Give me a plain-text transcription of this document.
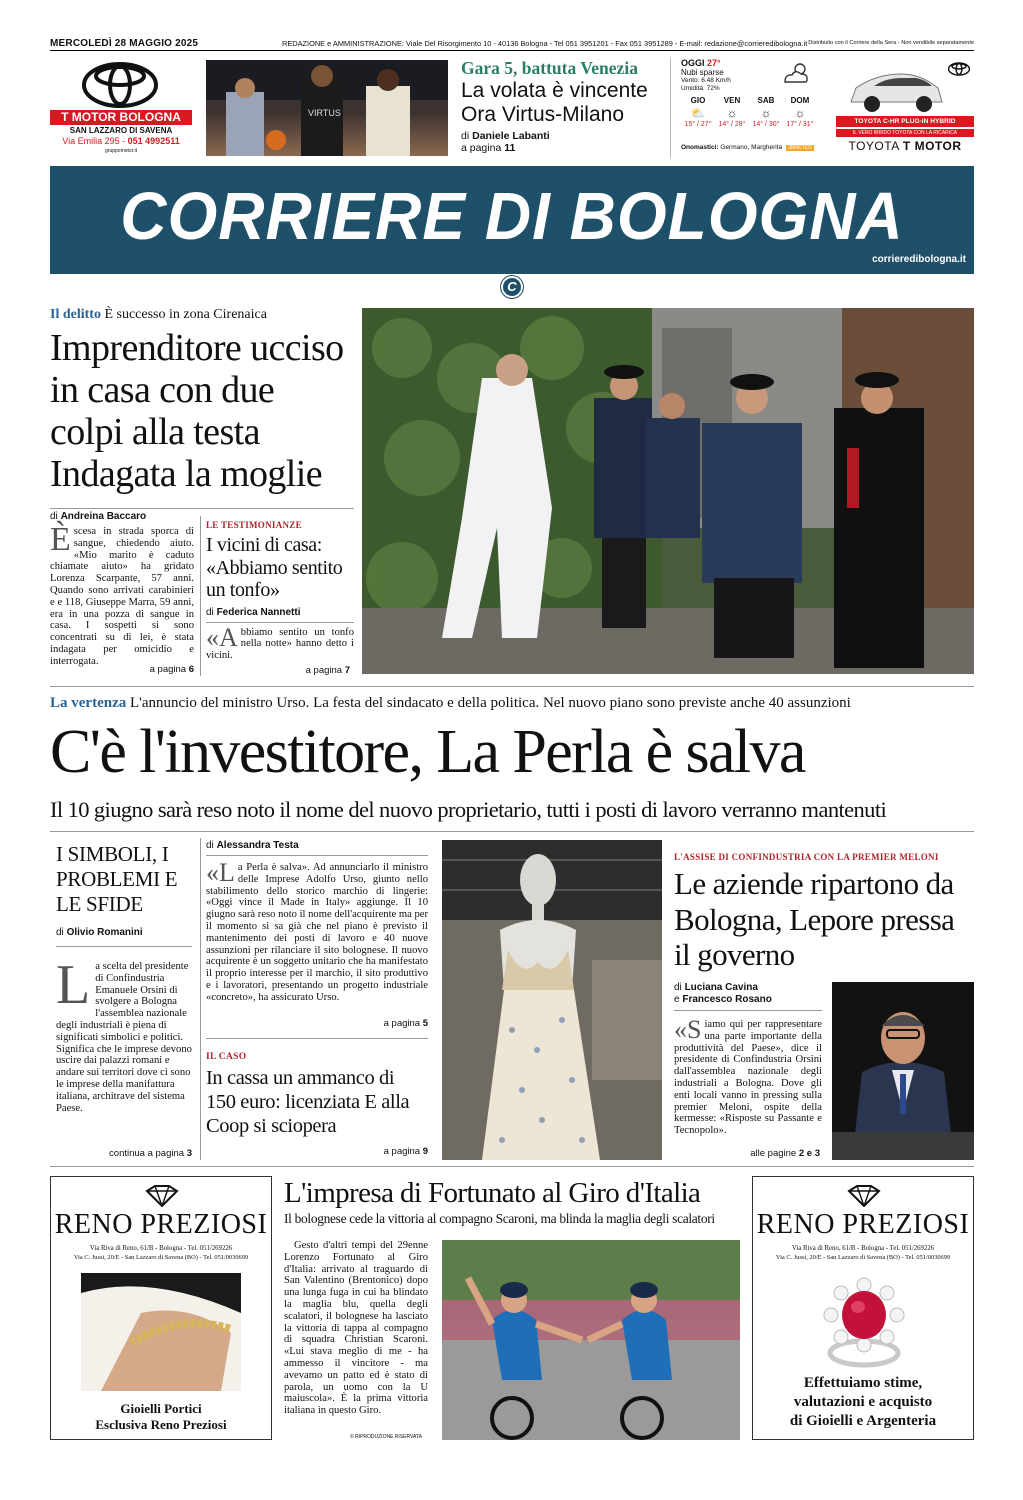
MERCOLEDÌ 28 MAGGIO 2025	REDAZIONE e AMMINISTRAZIONE: Viale Del Risorgimento 10 - 40136 Bologna - Tel 051 3951201 - Fax 051 3951289 - E-mail: redazione@corrieredibologna.it Distribuito con il Corriere della Sera - Non vendibile separatamente
T MOTOR BOLOGNA
SAN LAZZARO DI SAVENA
Via Emilia 295 - 051 4992511
gruppomotor.it
VIRTUS
Gara 5, battuta Venezia
La volata è vincente
Ora Virtus-Milano
di Daniele Labanti
a pagina 11
OGGI 27°
Nubi sparse
Vento: 6.48 Km/h
Umidità: 72%
GIO
⛅
15° / 27°
VEN
☼
14° / 28°
SAB
☼
14° / 30°
DOM
☼
17° / 31°
Onomastici: Germano, Margherita 3BMETEO
TOYOTA C-HR PLUG-IN HYBRID
IL VERO IBRIDO TOYOTA CON LA RICARICA
TOYOTA T MOTOR
CORRIERE DI BOLOGNA
corrieredibologna.it
C
Il delitto È successo in zona Cirenaica
Imprenditore ucciso in casa con due colpi alla testa Indagata la moglie
di Andreina Baccaro
Èscesa in strada sporca di sangue, chiedendo aiuto. «Mio marito è caduto chiamate aiuto» ha gridato Lorenza Scarpante, 57 anni. Quando sono arrivati carabinieri e e 118, Giuseppe Marra, 59 anni, era in una pozza di sangue in casa. I sospetti si sono concentrati su di lei, è stata indagata per omicidio e interrogata.
a pagina 6
LE TESTIMONIANZE
I vicini di casa: «Abbiamo sentito un tonfo»
di Federica Nannetti
«Abbiamo sentito un tonfo nella notte» hanno detto i vicini.
a pagina 7
La vertenza L'annuncio del ministro Urso. La festa del sindacato e della politica. Nel nuovo piano sono previste anche 40 assunzioni
C'è l'investitore, La Perla è salva
Il 10 giugno sarà reso noto il nome del nuovo proprietario, tutti i posti di lavoro verranno mantenuti
I SIMBOLI, I PROBLEMI E LE SFIDE
di Olivio Romanini
La scelta del presidente di Confindustria Emanuele Orsini di svolgere a Bologna l'assemblea nazionale degli industriali è piena di significati simbolici e politici. Significa che le imprese devono uscire dai palazzi romani e andare sui territori dove ci sono le imprese della manifattura italiana, architrave del sistema Paese.
continua a pagina 3
di Alessandra Testa
«La Perla è salva». Ad annunciarlo il ministro delle Imprese Adolfo Urso, giunto nello stabilimento dello storico marchio di lingerie: «Oggi vince il Made in Italy» aggiunge. Il 10 giugno sarà reso noto il nome dell'acquirente ma per il momento si sa già che nel piano è previsto il mantenimento dei posti di lavoro e 40 nuove assunzioni per rilanciare il sito bolognese. Il nuovo acquirente è un soggetto unitario che ha manifestato il proprio interesse per il marchio, il sito produttivo e i lavoratori, presentando un progetto industriale «concreto», ha assicurato Urso.
a pagina 5
IL CASO
In cassa un ammanco di 150 euro: licenziata E alla Coop si sciopera
a pagina 9
L'ASSISE DI CONFINDUSTRIA CON LA PREMIER MELONI
Le aziende ripartono da Bologna, Lepore pressa il governo
di Luciana Cavina
e Francesco Rosano
«Siamo qui per rappresentare una parte importante della produttività del Paese», dice il presidente di Confindustria Orsini dall'assemblea nazionale degli industriali a Bologna. Dove gli enti locali vanno in pressing sulla premier Meloni, ospite della kermesse: «Risposte su Passante e Tecnopolo».
alle pagine 2 e 3
RENO PREZIOSI
Via Riva di Reno, 61/B - Bologna - Tel. 051/269226
Via C. Jussi, 20/E - San Lazzaro di Savena (BO) - Tel. 051/0030699
Gioielli Portici
Esclusiva Reno Preziosi
L'impresa di Fortunato al Giro d'Italia
Il bolognese cede la vittoria al compagno Scaroni, ma blinda la maglia degli scalatori
Gesto d'altri tempi del 29enne Lorenzo Fortunato al Giro d'Italia: arrivato al traguardo di San Valentino (Brentonico) dopo una lunga fuga in cui ha blindato la maglia blu, quella degli scalatori, il bolognese ha lasciato la vittoria di tappa al compagno di squadra Christian Scaroni. «Lui stava meglio di me - ha ammesso il vincitore - ma avevamo un patto ed è stato di parola, un uomo con la U maiuscola». È la prima vittoria italiana in questo Giro.
© RIPRODUZIONE RISERVATA
RENO PREZIOSI
Via Riva di Reno, 61/B - Bologna - Tel. 051/269226
Via C. Jussi, 20/E - San Lazzaro di Savena (BO) - Tel. 051/0030699
Effettuiamo stime,
valutazioni e acquisto
di Gioielli e Argenteria
